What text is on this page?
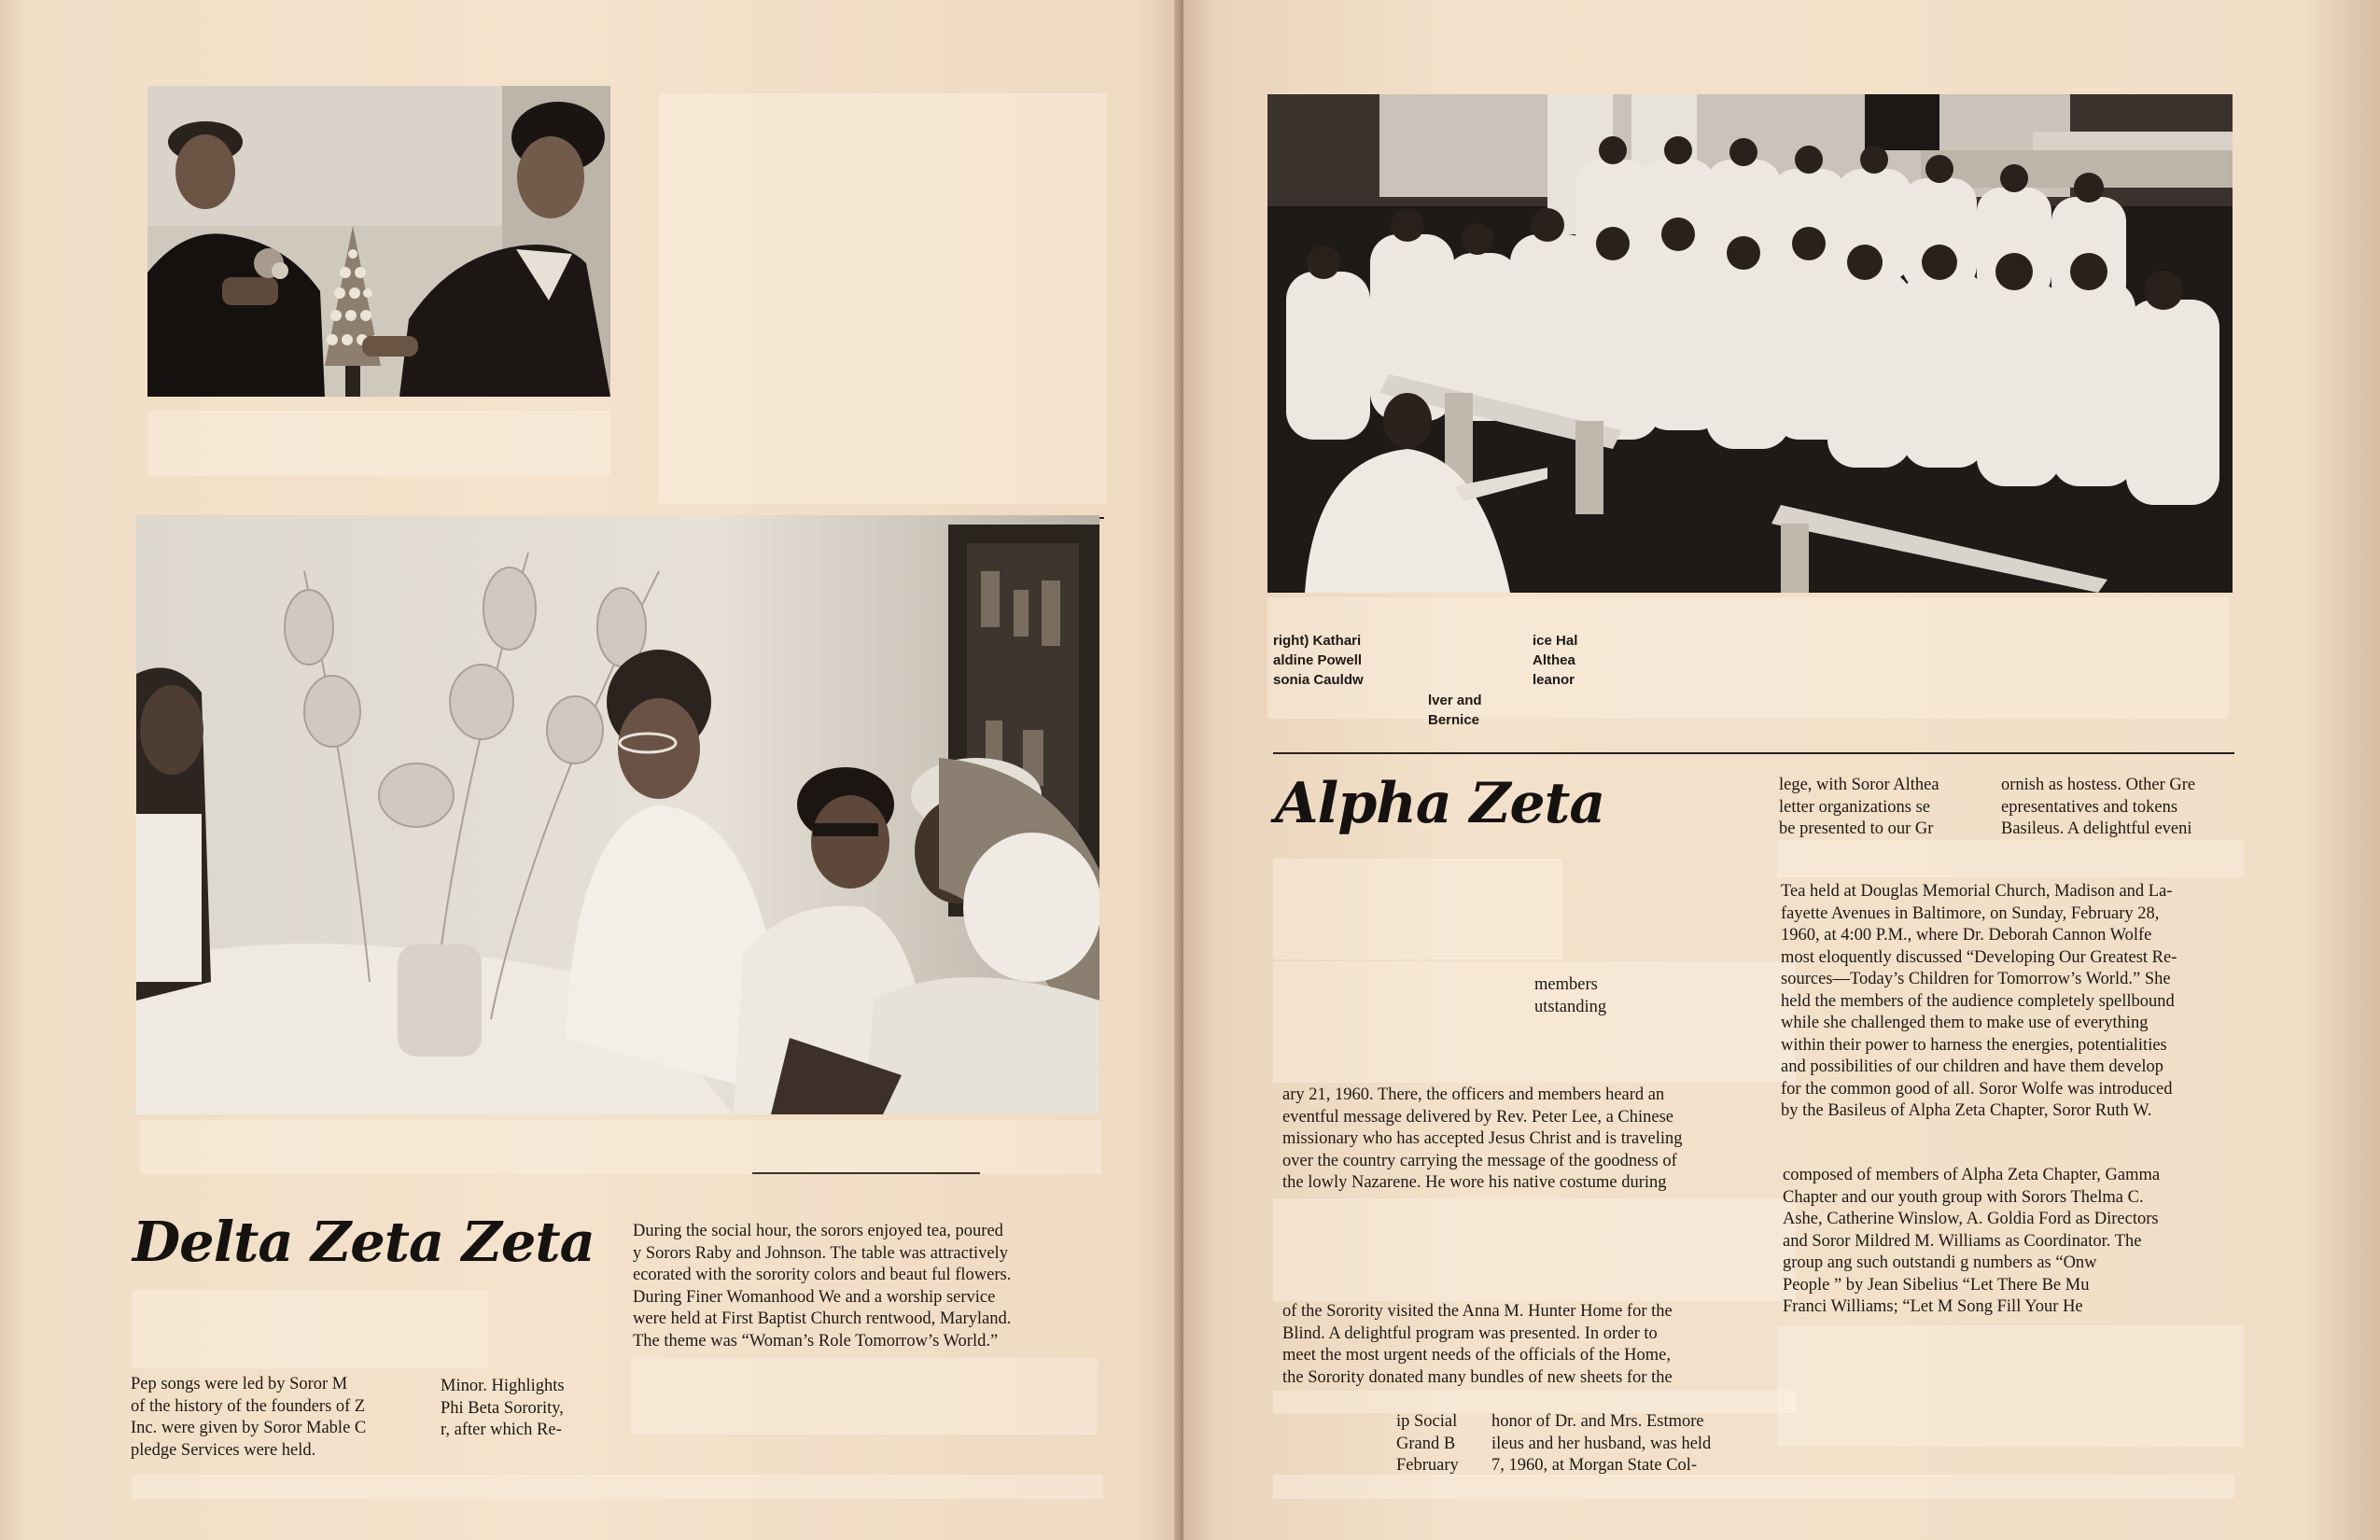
Delta Zeta Zeta

Pep songs were led by Soror M
of the history of the founders of Z
Inc. were given by Soror Mable C
pledge Services were held.

Minor. Highlights
Phi Beta Sorority,
r, after which Re-

During the social hour, the sorors enjoyed tea, poured
y Sorors Raby and Johnson. The table was attractively
ecorated with the sorority colors and beaut ful flowers.
During Finer Womanhood We and a worship service
were held at First Baptist Church rentwood, Maryland.
The theme was “Woman’s Role Tomorrow’s World.”

right) Kathari
aldine Powell
sonia Cauldw

ice Hal
Althea
leanor

lver and
Bernice

Alpha Zeta

members
utstanding

ary 21, 1960. There, the officers and members heard an
eventful message delivered by Rev. Peter Lee, a Chinese
missionary who has accepted Jesus Christ and is traveling
over the country carrying the message of the goodness of
the lowly Nazarene. He wore his native costume during

of the Sorority visited the Anna M. Hunter Home for the
Blind. A delightful program was presented. In order to
meet the most urgent needs of the officials of the Home,
the Sorority donated many bundles of new sheets for the

ip Social
Grand B
February

honor of Dr. and Mrs. Estmore
ileus and her husband, was held
7, 1960, at Morgan State Col-

lege, with Soror Althea
letter organizations se
be presented to our Gr

ornish as hostess. Other Gre
epresentatives and tokens
Basileus. A delightful eveni

Tea held at Douglas Memorial Church, Madison and La-
fayette Avenues in Baltimore, on Sunday, February 28,
1960, at 4:00 P.M., where Dr. Deborah Cannon Wolfe
most eloquently discussed “Developing Our Greatest Re-
sources—Today’s Children for Tomorrow’s World.” She
held the members of the audience completely spellbound
while she challenged them to make use of everything
within their power to harness the energies, potentialities
and possibilities of our children and have them develop
for the common good of all. Soror Wolfe was introduced
by the Basileus of Alpha Zeta Chapter, Soror Ruth W.

composed of members of Alpha Zeta Chapter, Gamma
Chapter and our youth group with Sorors Thelma C.
Ashe, Catherine Winslow, A. Goldia Ford as Directors
and Soror Mildred M. Williams as Coordinator. The

group ang such outstandi g numbers as “Onw
People ” by Jean Sibelius “Let There Be Mu
Franci Williams; “Let M Song Fill Your He
